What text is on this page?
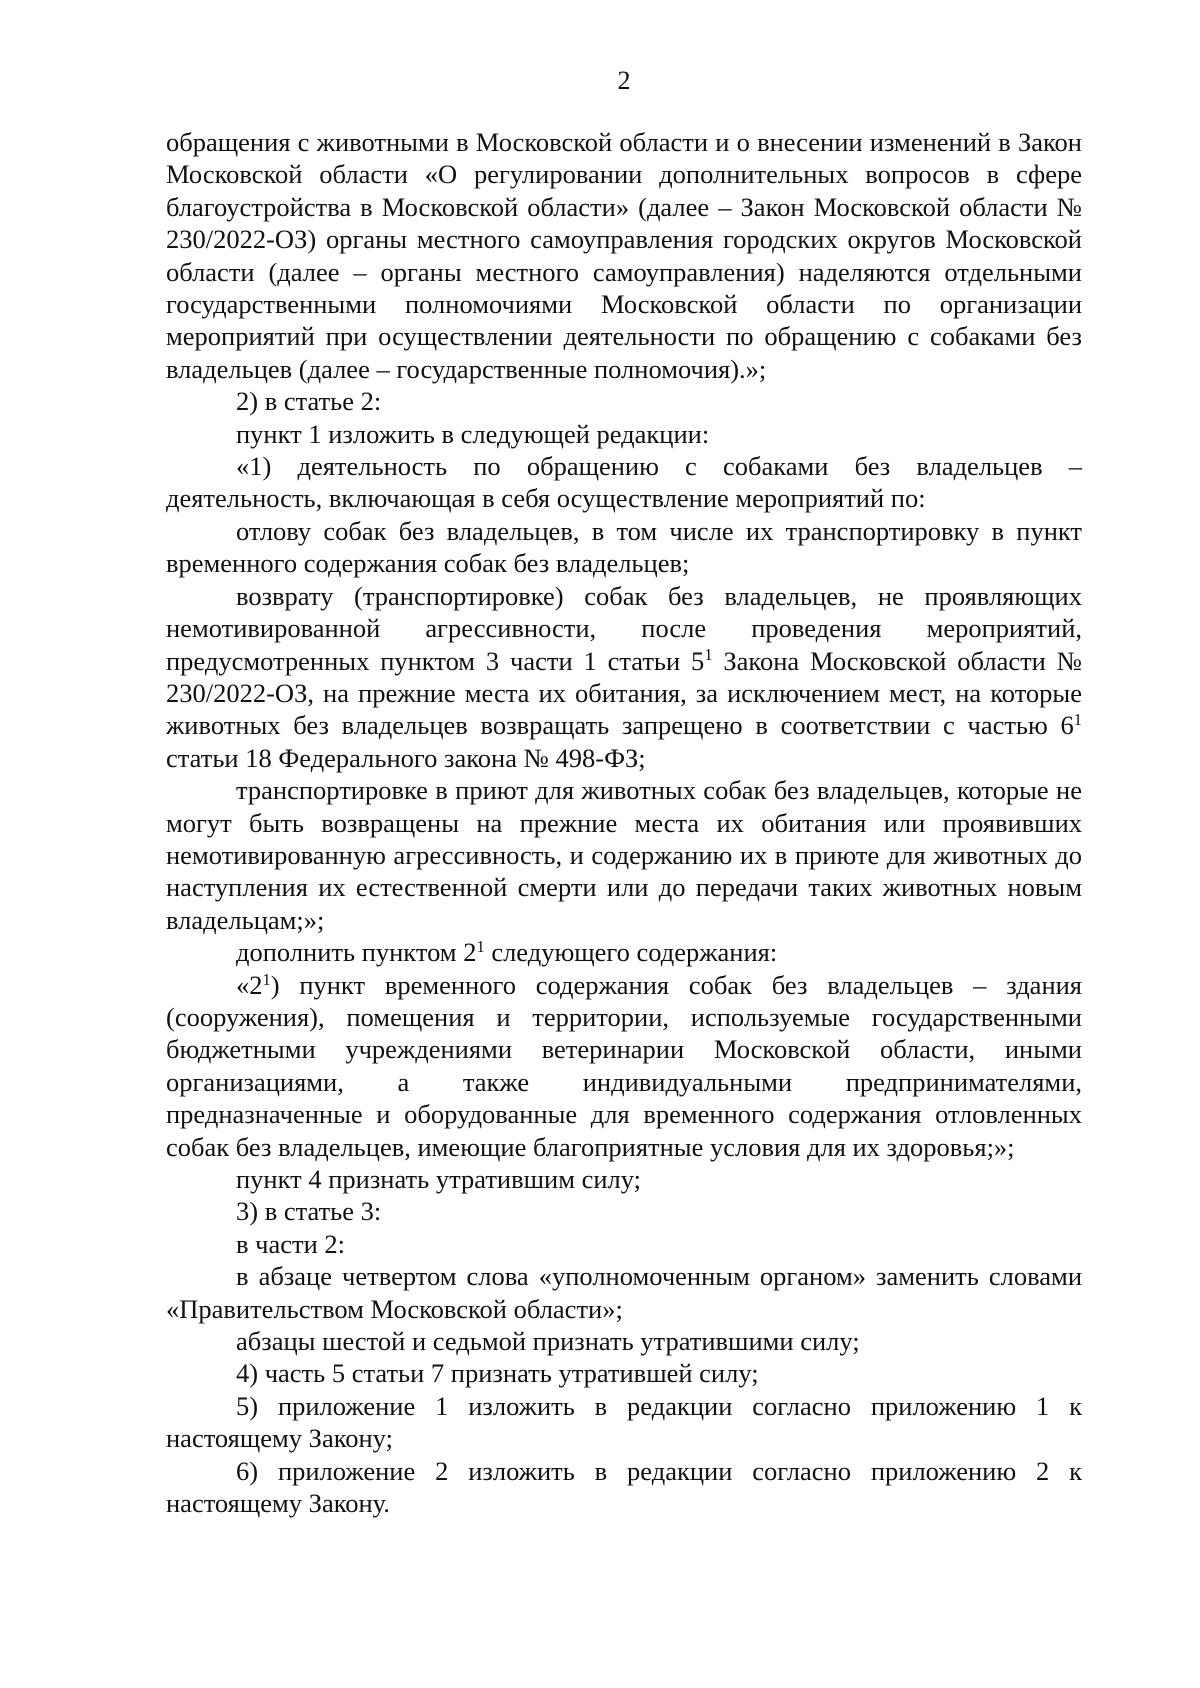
2

обращения с животными в Московской области и о внесении изменений в Закон Московской области «О регулировании дополнительных вопросов в сфере благоустройства в Московской области» (далее – Закон Московской области № 230/2022-ОЗ) органы местного самоуправления городских округов Московской области (далее – органы местного самоуправления) наделяются отдельными государственными полномочиями Московской области по организации мероприятий при осуществлении деятельности по обращению с собаками без владельцев (далее – государственные полномочия).»;

2) в статье 2:

пункт 1 изложить в следующей редакции:

«1) деятельность по обращению с собаками без владельцев – деятельность, включающая в себя осуществление мероприятий по:

отлову собак без владельцев, в том числе их транспортировку в пункт временного содержания собак без владельцев;

возврату (транспортировке) собак без владельцев, не проявляющих немотивированной агрессивности, после проведения мероприятий, предусмотренных пунктом 3 части 1 статьи $5^1$ Закона Московской области № 230/2022-ОЗ, на прежние места их обитания, за исключением мест, на которые животных без владельцев возвращать запрещено в соответствии с частью $6^1$ статьи 18 Федерального закона № 498-ФЗ;

транспортировке в приют для животных собак без владельцев, которые не могут быть возвращены на прежние места их обитания или проявивших немотивированную агрессивность, и содержанию их в приюте для животных до наступления их естественной смерти или до передачи таких животных новым владельцам;»;

дополнить пунктом $2^1$ следующего содержания:

«$2^1$) пункт временного содержания собак без владельцев – здания (сооружения), помещения и территории, используемые государственными бюджетными учреждениями ветеринарии Московской области, иными организациями, а также индивидуальными предпринимателями, предназначенные и оборудованные для временного содержания отловленных собак без владельцев, имеющие благоприятные условия для их здоровья;»;

пункт 4 признать утратившим силу;

3) в статье 3:

в части 2:

в абзаце четвертом слова «уполномоченным органом» заменить словами «Правительством Московской области»;

абзацы шестой и седьмой признать утратившими силу;

4) часть 5 статьи 7 признать утратившей силу;

5) приложение 1 изложить в редакции согласно приложению 1 к настоящему Закону;

6) приложение 2 изложить в редакции согласно приложению 2 к настоящему Закону.
